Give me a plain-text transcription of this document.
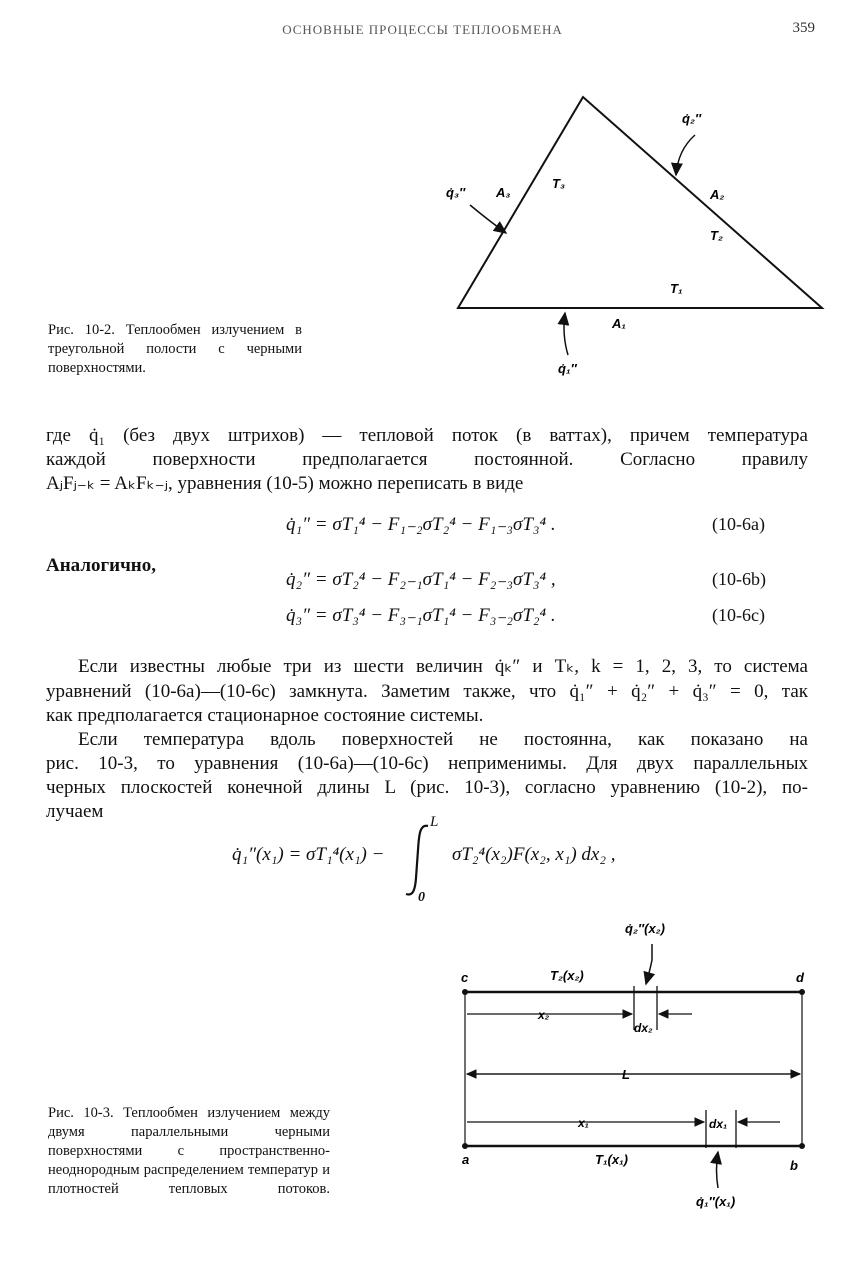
ОСНОВНЫЕ ПРОЦЕССЫ ТЕПЛООБМЕНА	359
q̇₂″
q̇₃″ A₃
T₃
A₂
T₂
T₁
A₁
q̇₁″
Рис. 10-2. Теплообмен излучением в треугольной полости с черными поверхностями.
где q̇₁ (без двух штрихов) — тепловой поток (в ваттах), причем температура
каждой поверхности предполагается постоянной. Согласно правилу
AⱼFⱼ₋ₖ = AₖFₖ₋ⱼ, уравнения (10-5) можно переписать в виде
q̇₁″ = σT₁⁴ − F₁₋₂σT₂⁴ − F₁₋₃σT₃⁴ .	(10-6a)
Аналогично,
q̇₂″ = σT₂⁴ − F₂₋₁σT₁⁴ − F₂₋₃σT₃⁴ ,	(10-6b)
q̇₃″ = σT₃⁴ − F₃₋₁σT₁⁴ − F₃₋₂σT₂⁴ .	(10-6c)
Если известны любые три из шести величин q̇ₖ″ и Tₖ, k = 1, 2, 3, то система
уравнений (10-6a)—(10-6c) замкнута. Заметим также, что q̇₁″ + q̇₂″ + q̇₃″ = 0, так
как предполагается стационарное состояние системы.
Если температура вдоль поверхностей не постоянна, как показано на
рис. 10-3, то уравнения (10-6a)—(10-6c) неприменимы. Для двух параллельных
черных плоскостей конечной длины L (рис. 10-3), согласно уравнению (10-2), по-
лучаем
q̇₁″(x₁) = σT₁⁴(x₁) −
L
0
σT₂⁴(x₂)F(x₂, x₁) dx₂ ,
q̇₂″(x₂)
c	d
T₂(x₂)
x₂
dx₂
L
x₁	dx₁
a	b
T₁(x₁)
q̇₁″(x₁)
Рис. 10-3. Теплообмен излучением между двумя параллельными черными поверхностями с пространственно-неоднородным распределением температур и плотностей тепловых потоков.
